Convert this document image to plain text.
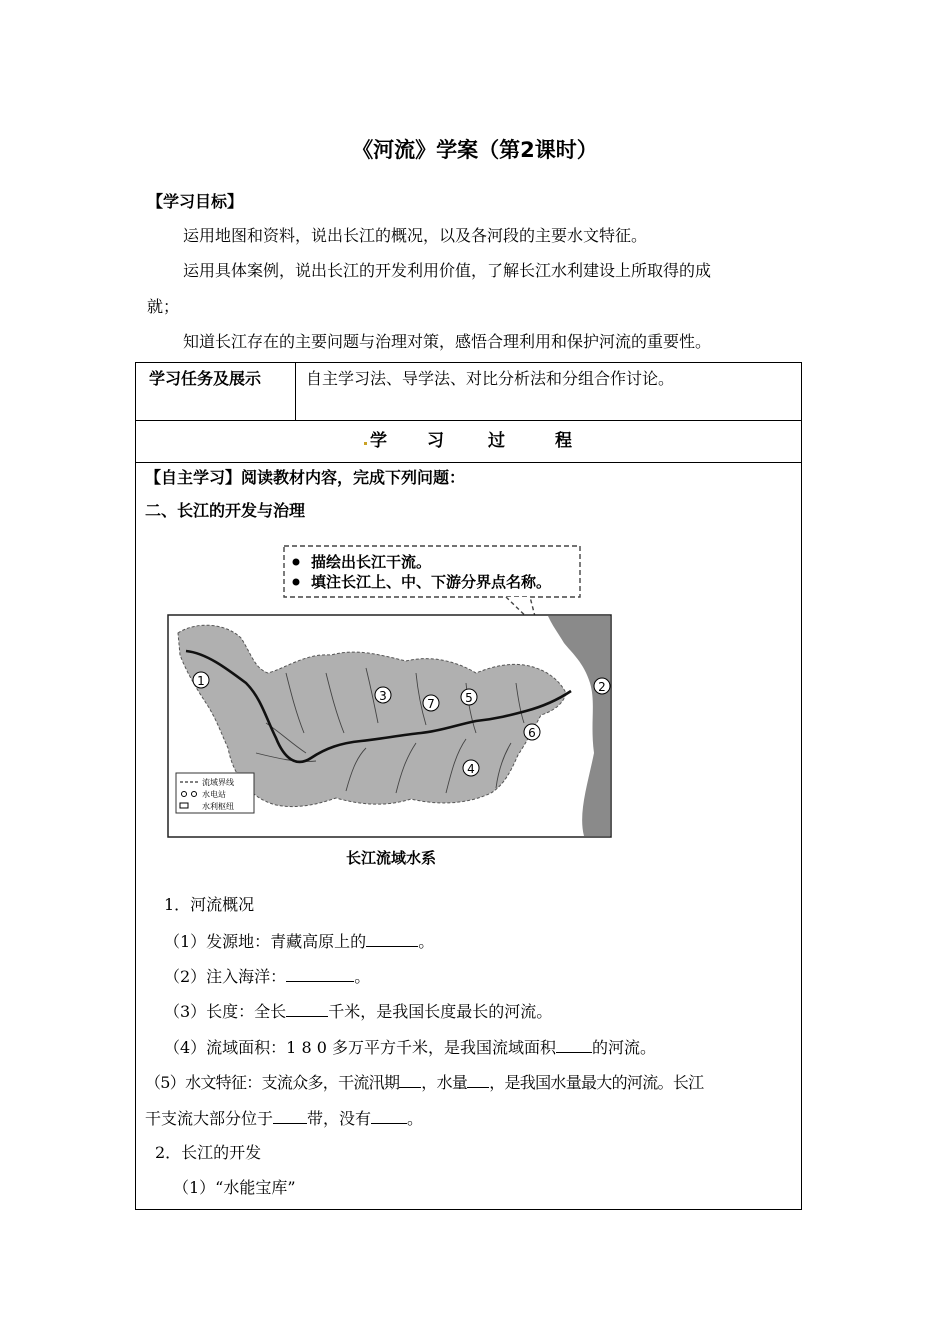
《河流》学案（第2课时）
【学习目标】
运用地图和资料，说出长江的概况，以及各河段的主要水文特征。
运用具体案例，说出长江的开发利用价值，了解长江水利建设上所取得的成
就；
知道长江存在的主要问题与治理对策，感悟合理利用和保护河流的重要性。
学习任务及展示	自主学习法、导学法、对比分析法和分组合作讨论。
学 习	过	程
【自主学习】阅读教材内容，完成下列问题：
二、长江的开发与治理
描绘出长江干流。
填注长江上、中、下游分界点名称。
1	2
3
4
5
6
7
流域界线
水电站
水利枢纽
长江流域水系
1．河流概况
（1）发源地：青藏高原上的	。
（2）注入海洋：	。
（3）长度：全长	千米，是我国长度最长的河流。
（4）流域面积：1 8 0 多万平方千米，是我国流域面积 的河流。
（5）水文特征：支流众多，干流汛期 ，水量 ，是我国水量最大的河流。长江
干支流大部分位于 带，没有 。
2．长江的开发
（1）“水能宝库”
